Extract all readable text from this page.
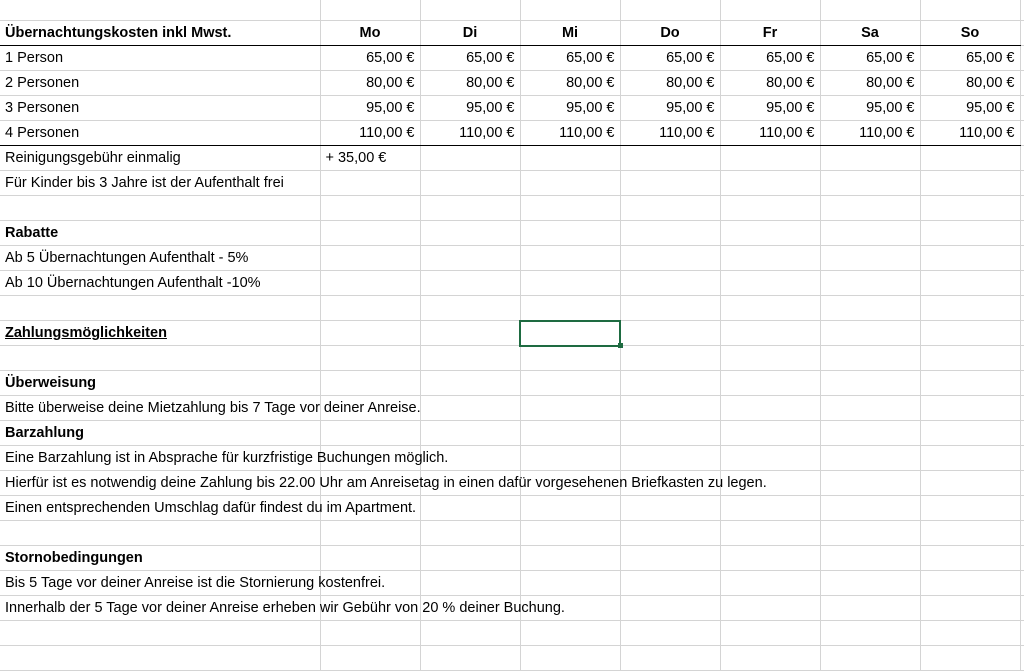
Übernachtungskosten inkl Mwst.	Mo	Di	Mi	Do	Fr	Sa	So	
1 Person	65,00 €	65,00 €	65,00 €	65,00 €	65,00 €	65,00 €	65,00 €	
2 Personen	80,00 €	80,00 €	80,00 €	80,00 €	80,00 €	80,00 €	80,00 €	
3 Personen	95,00 €	95,00 €	95,00 €	95,00 €	95,00 €	95,00 €	95,00 €	
4 Personen	110,00 €	110,00 €	110,00 €	110,00 €	110,00 €	110,00 €	110,00 €	
Reinigungsgebühr einmalig	+ 35,00 €							

Für Kinder bis 3 Jahre ist der Aufenthalt frei								

Rabatte								

Ab 5 Übernachtungen Aufenthalt - 5%								

Ab 10 Übernachtungen Aufenthalt -10%								

Zahlungsmöglichkeiten			

Überweisung								

Bitte überweise deine Mietzahlung bis 7 Tage vor deiner Anreise.								

Barzahlung								

Eine Barzahlung ist in Absprache für kurzfristige Buchungen möglich.								

Hierfür ist es notwendig deine Zahlung bis 22.00 Uhr am Anreisetag in einen dafür vorgesehenen Briefkasten zu legen.								

Einen entsprechenden Umschlag dafür findest du im Apartment.								

Stornobedingungen								

Bis 5 Tage vor deiner Anreise ist die Stornierung kostenfrei.								

Innerhalb der 5 Tage vor deiner Anreise erheben wir Gebühr von 20 % deiner Buchung.								
